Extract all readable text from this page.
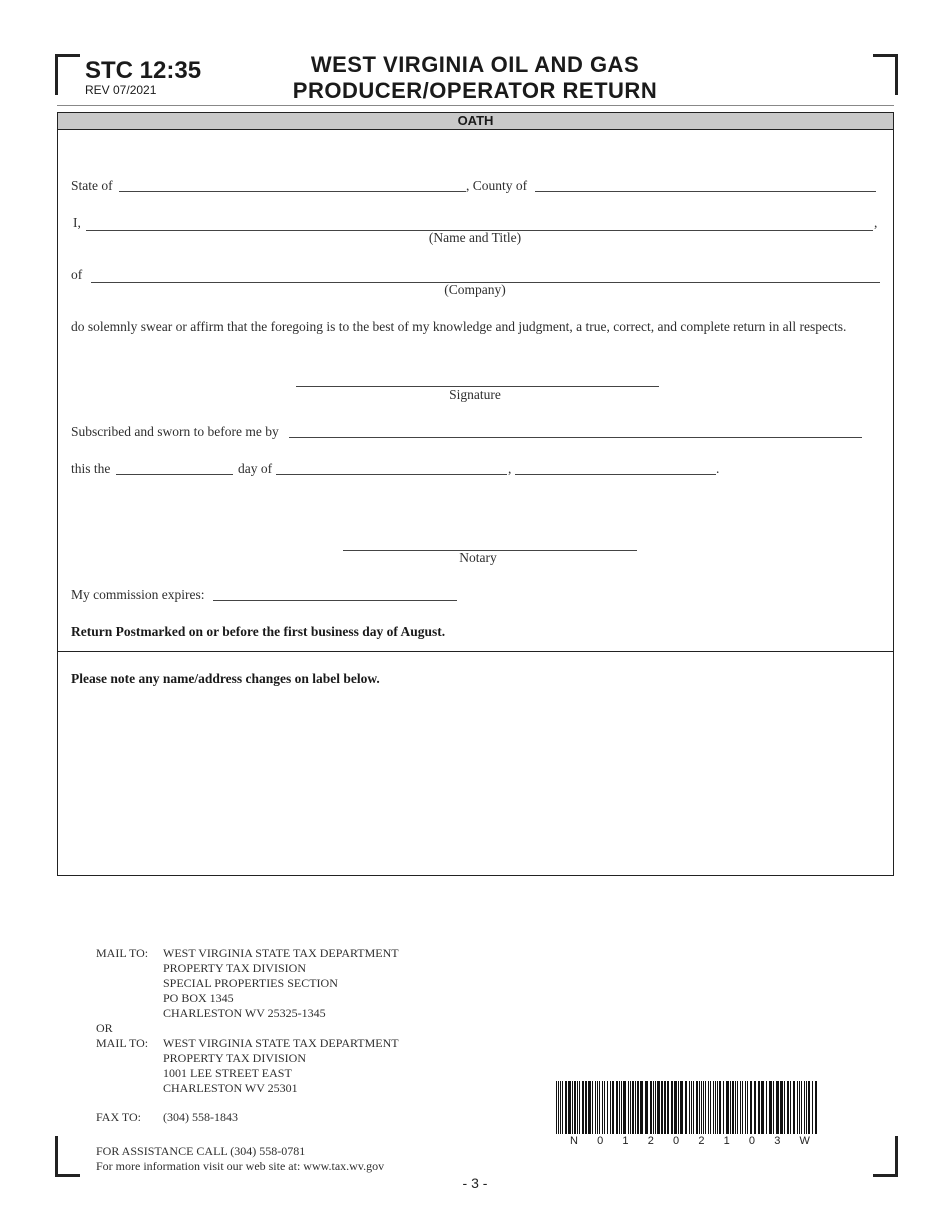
STC 12:35
REV 07/2021
WEST VIRGINIA OIL AND GAS
PRODUCER/OPERATOR RETURN
OATH
State of	, County of
I,	,
(Name and Title)
of
(Company)
do solemnly swear or affirm that the foregoing is to the best of my knowledge and judgment, a true, correct, and complete return in all respects.
Signature
Subscribed and sworn to before me by
this the	day of	,	.
Notary
My commission expires:
Return Postmarked on or before the first business day of August.
Please note any name/address changes on label below.
MAIL TO: WEST VIRGINIA STATE TAX DEPARTMENT
PROPERTY TAX DIVISION
SPECIAL PROPERTIES SECTION
PO BOX 1345
CHARLESTON WV 25325-1345
OR
MAIL TO: WEST VIRGINIA STATE TAX DEPARTMENT
PROPERTY TAX DIVISION
1001 LEE STREET EAST
CHARLESTON WV 25301
FAX TO: (304) 558-1843
FOR ASSISTANCE CALL (304) 558-0781
For more information visit our web site at: www.tax.wv.gov
N 0 1 2 0 2 1 0 3 W
- 3 -
